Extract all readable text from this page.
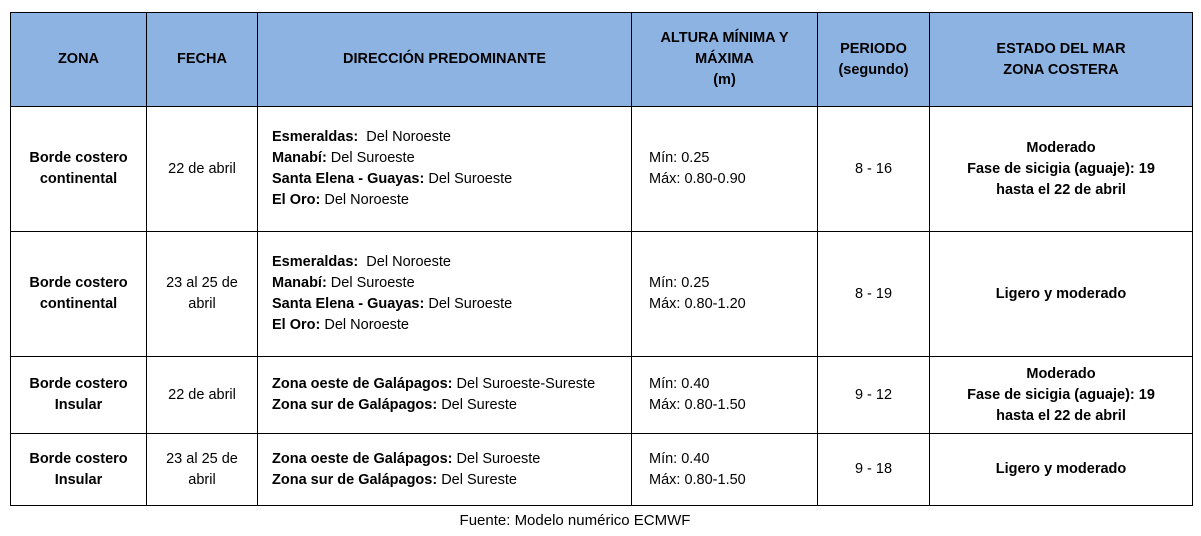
ZONA	FECHA	DIRECCIÓN PREDOMINANTE	ALTURA MÍNIMA Y
MÁXIMA
(m)	PERIODO
(segundo)	ESTADO DEL MAR
ZONA COSTERA
Borde costero
continental	22 de abril	Esmeraldas:  Del Noroeste
Manabí: Del Suroeste
Santa Elena - Guayas: Del Suroeste
El Oro: Del Noroeste	Mín: 0.25
Máx: 0.80-0.90	8 - 16	Moderado
Fase de sicigia (aguaje): 19
hasta el 22 de abril
Borde costero
continental	23 al 25 de
abril	Esmeraldas:  Del Noroeste
Manabí: Del Suroeste
Santa Elena - Guayas: Del Suroeste
El Oro: Del Noroeste	Mín: 0.25
Máx: 0.80-1.20	8 - 19	Ligero y moderado
Borde costero
Insular	22 de abril	Zona oeste de Galápagos: Del Suroeste-Sureste
Zona sur de Galápagos: Del Sureste	Mín: 0.40
Máx: 0.80-1.50	9 - 12	Moderado
Fase de sicigia (aguaje): 19
hasta el 22 de abril
Borde costero
Insular	23 al 25 de
abril	Zona oeste de Galápagos: Del Suroeste
Zona sur de Galápagos: Del Sureste	Mín: 0.40
Máx: 0.80-1.50	9 - 18	Ligero y moderado
Fuente: Modelo numérico ECMWF
